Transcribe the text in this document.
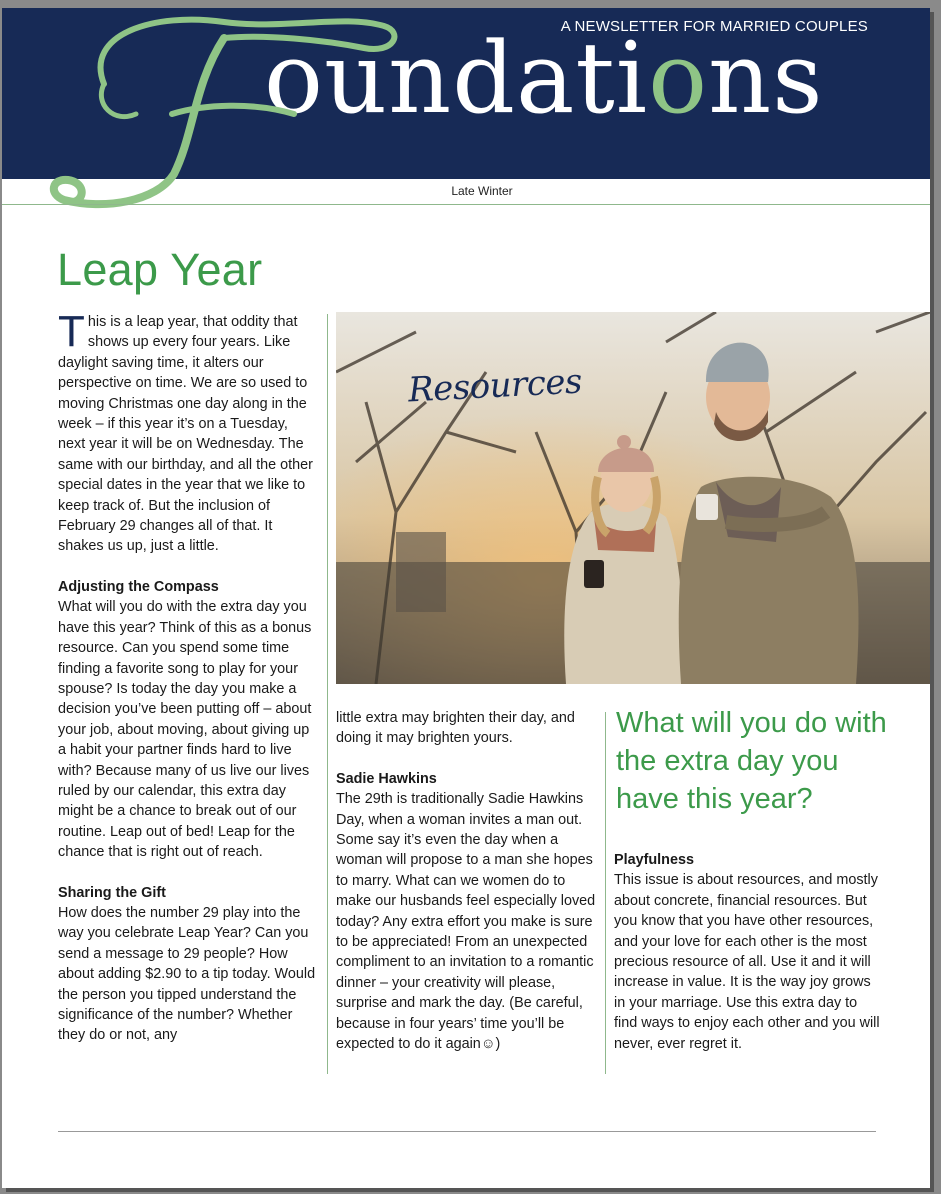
A NEWSLETTER FOR MARRIED COUPLES
oundations
Late Winter
Leap Year

This is a leap year, that oddity that shows up every four years. Like daylight saving time, it alters our perspective on time. We are so used to moving Christmas one day along in the week – if this year it’s on a Tuesday, next year it will be on Wednesday. The same with our birthday, and all the other special dates in the year that we like to keep track of. But the inclusion of February 29 changes all of that. It shakes us up, just a little.

Adjusting the Compass

What will you do with the extra day you have this year? Think of this as a bonus resource. Can you spend some time finding a favorite song to play for your spouse? Is today the day you make a decision you’ve been putting off – about your job, about moving, about giving up a habit your partner finds hard to live with? Because many of us live our lives ruled by our calendar, this extra day might be a chance to break out of our routine. Leap out of bed! Leap for the chance that is right out of reach.

Sharing the Gift

How does the number 29 play into the way you celebrate Leap Year? Can you send a message to 29 people? How about adding $2.90 to a tip today. Would the person you tipped understand the significance of the number? Whether they do or not, any

Resources

little extra may brighten their day, and doing it may brighten yours.

Sadie Hawkins

The 29th is traditionally Sadie Hawkins Day, when a woman invites a man out. Some say it’s even the day when a woman will propose to a man she hopes to marry. What can we women do to make our husbands feel especially loved today? Any extra effort you make is sure to be appreciated! From an unexpected compliment to an invitation to a romantic dinner – your creativity will please, surprise and mark the day. (Be careful, because in four years’ time you’ll be expected to do it again☺)

What will you do with the extra day you have this year?
Playfulness

This issue is about resources, and mostly about concrete, financial resources. But you know that you have other resources, and your love for each other is the most precious resource of all. Use it and it will increase in value. It is the way joy grows in your marriage. Use this extra day to find ways to enjoy each other and you will never, ever regret it.
